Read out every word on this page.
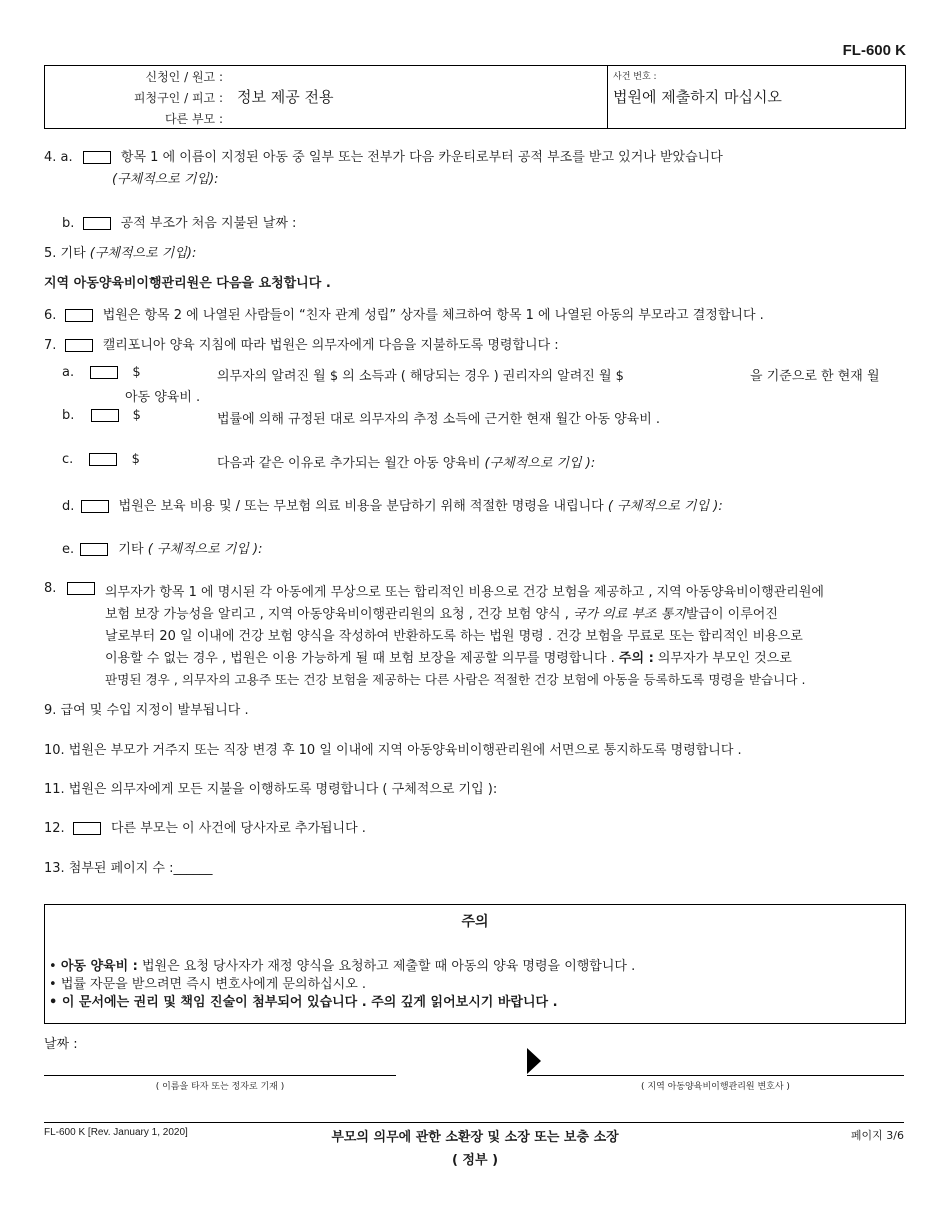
FL-600 K
신청인 / 원고 :
피청구인 / 피고 : 정보 제공 전용
다른 부모 :
사건 번호 :
법원에 제출하지 마십시오
4. a.	항목 1 에 이름이 지정된 아동 중 일부 또는 전부가 다음 카운티로부터 공적 부조를 받고 있거나 받았습니다
(구체적으로 기입):
b.	공적 부조가 처음 지불된 날짜 :
5. 기타 (구체적으로 기입):
지역 아동양육비이행관리원은 다음을 요청합니다 .
6.	법원은 항목 2 에 나열된 사람들이 “친자 관계 성립” 상자를 체크하여 항목 1 에 나열된 아동의 부모라고 결정합니다 .
7.	캘리포니아 양육 지침에 따라 법원은 의무자에게 다음을 지불하도록 명령합니다 :
a.	$	의무자의 알려진 월 $ 의 소득과 ( 해당되는 경우 ) 권리자의 알려진 월 $	을 기준으로 한 현재 월
아동 양육비 .
b.	$	법률에 의해 규정된 대로 의무자의 추정 소득에 근거한 현재 월간 아동 양육비 .
c.	$	다음과 같은 이유로 추가되는 월간 아동 양육비 (구체적으로 기입 ):
d.	법원은 보육 비용 및 / 또는 무보험 의료 비용을 분담하기 위해 적절한 명령을 내립니다 ( 구체적으로 기입 ):
e.	기타 ( 구체적으로 기입 ):
8.	의무자가 항목 1 에 명시된 각 아동에게 무상으로 또는 합리적인 비용으로 건강 보험을 제공하고 , 지역 아동양육비이행관리원에
보험 보장 가능성을 알리고 , 지역 아동양육비이행관리원의 요청 , 건강 보험 양식 , 국가 의료 부조 통지발급이 이루어진
날로부터 20 일 이내에 건강 보험 양식을 작성하여 반환하도록 하는 법원 명령 . 건강 보험을 무료로 또는 합리적인 비용으로
이용할 수 없는 경우 , 법원은 이용 가능하게 될 때 보험 보장을 제공할 의무를 명령합니다 . 주의 : 의무자가 부모인 것으로
판명된 경우 , 의무자의 고용주 또는 건강 보험을 제공하는 다른 사람은 적절한 건강 보험에 아동을 등록하도록 명령을 받습니다 .
9. 급여 및 수입 지정이 발부됩니다 .
10. 법원은 부모가 거주지 또는 직장 변경 후 10 일 이내에 지역 아동양육비이행관리원에 서면으로 통지하도록 명령합니다 .
11. 법원은 의무자에게 모든 지불을 이행하도록 명령합니다 ( 구체적으로 기입 ):
12.	다른 부모는 이 사건에 당사자로 추가됩니다 .
13. 첨부된 페이지 수 :______
주의
• 아동 양육비 : 법원은 요청 당사자가 재정 양식을 요청하고 제출할 때 아동의 양육 명령을 이행합니다 .
• 법률 자문을 받으려면 즉시 변호사에게 문의하십시오 .
• 이 문서에는 권리 및 책임 진술이 첨부되어 있습니다 . 주의 깊게 읽어보시기 바랍니다 .
날짜 :
( 이름을 타자 또는 정자로 기재 )	( 지역 아동양육비이행관리원 변호사 )
FL-600 K [Rev. January 1, 2020]	부모의 의무에 관한 소환장 및 소장 또는 보충 소장
( 정부 )
페이지 3/6
